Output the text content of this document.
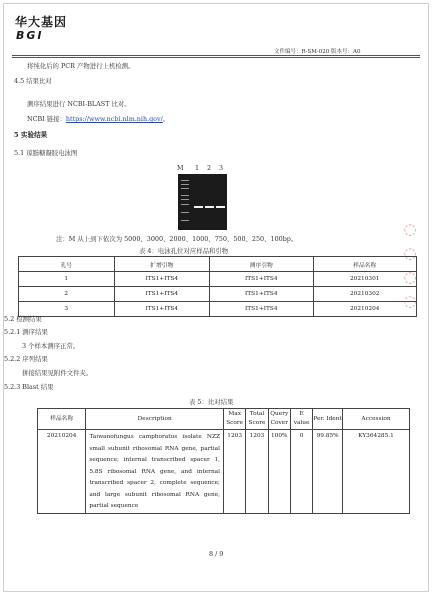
华大基因
BGI
文件编号：R-SM-020 版本号：A0
将纯化后的 PCR 产物进行上机检测。
4.5 结果比对
测序结果进行 NCBI-BLAST 比对。
NCBI 链接：https://www.ncbi.nlm.nih.gov/。
5 实验结果
5.1 琼脂糖凝胶电泳图
M 1 2 3
注：M 从上到下依次为 5000、3000、2000、1000、750、500、250、100bp。
表 4：电泳孔位对应样品和引物
孔号	扩增引物	测序引物	样品名称
1	ITS1+ITS4	ITS1+ITS4	20210301
2	ITS1+ITS4	ITS1+ITS4	20210302
3	ITS1+ITS4	ITS1+ITS4	20210204
5.2 检测结果
5.2.1 测序结果
3 个样本测序正常。
5.2.2 序列结果
拼接结果见附件文件夹。
5.2.3 Blast 结果
表 5：比对结果
样品名称	Description	Max Score	Total Score	Query Cover	E value	Per. Ident	Accession
20210204	Taiwanofungus camphoratus isolate NZZ small subunit ribosomal RNA gene, partial sequence; internal transcribed spacer 1, 5.8S ribosomal RNA gene, and internal transcribed spacer 2, complete sequence; and large subunit ribosomal RNA gene, partial sequence	1203	1203	100%	0	99.85%	KY364285.1
◌
◌
◌
◌
8 / 9
